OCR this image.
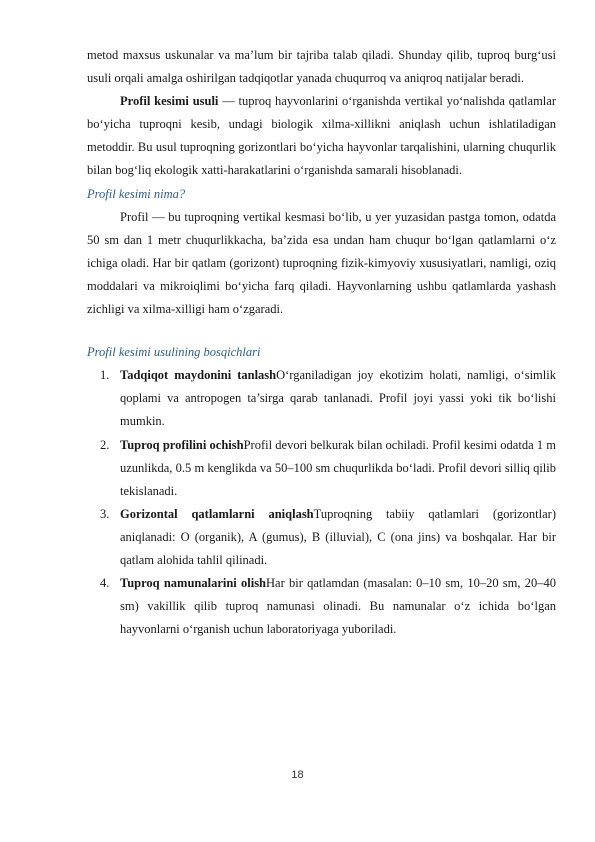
metod maxsus uskunalar va ma’lum bir tajriba talab qiladi. Shunday qilib, tuproq burg‘usi usuli orqali amalga oshirilgan tadqiqotlar yanada chuqurroq va aniqroq natijalar beradi.

Profil kesimi usuli — tuproq hayvonlarini o‘rganishda vertikal yo‘nalishda qatlamlar bo‘yicha tuproqni kesib, undagi biologik xilma-xillikni aniqlash uchun ishlatiladigan metoddir. Bu usul tuproqning gorizontlari bo‘yicha hayvonlar tarqalishini, ularning chuqurlik bilan bog‘liq ekologik xatti-harakatlarini o‘rganishda samarali hisoblanadi.

Profil kesimi nima?

Profil — bu tuproqning vertikal kesmasi bo‘lib, u yer yuzasidan pastga tomon, odatda 50 sm dan 1 metr chuqurlikkacha, ba’zida esa undan ham chuqur bo‘lgan qatlamlarni o‘z ichiga oladi. Har bir qatlam (gorizont) tuproqning fizik-kimyoviy xususiyatlari, namligi, oziq moddalari va mikroiqlimi bo‘yicha farq qiladi. Hayvonlarning ushbu qatlamlarda yashash zichligi va xilma-xilligi ham o‘zgaradi.

Profil kesimi usulining bosqichlari

1. Tadqiqot maydonini tanlashO‘rganiladigan joy ekotizim holati, namligi, o‘simlik qoplami va antropogen ta’sirga qarab tanlanadi. Profil joyi yassi yoki tik bo‘lishi mumkin.
2. Tuproq profilini ochishProfil devori belkurak bilan ochiladi. Profil kesimi odatda 1 m uzunlikda, 0.5 m kenglikda va 50–100 sm chuqurlikda bo‘ladi. Profil devori silliq qilib tekislanadi.
3. Gorizontal qatlamlarni aniqlashTuproqning tabiiy qatlamlari (gorizontlar) aniqlanadi: O (organik), A (gumus), B (illuvial), C (ona jins) va boshqalar. Har bir qatlam alohida tahlil qilinadi.
4. Tuproq namunalarini olishHar bir qatlamdan (masalan: 0–10 sm, 10–20 sm, 20–40 sm) vakillik qilib tuproq namunasi olinadi. Bu namunalar o‘z ichida bo‘lgan hayvonlarni o‘rganish uchun laboratoriyaga yuboriladi.
18
